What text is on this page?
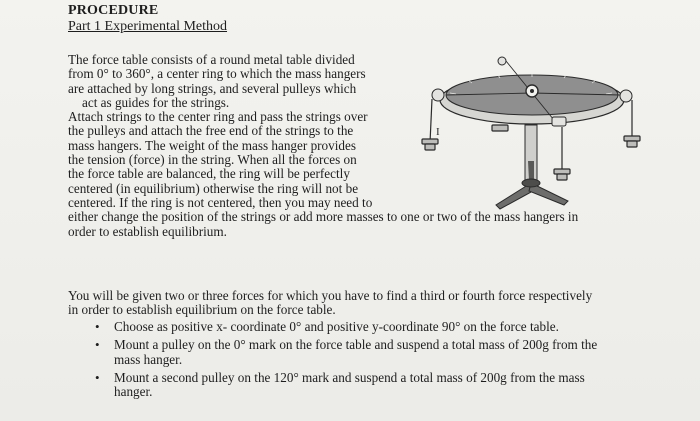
PROCEDURE
Part 1 Experimental Method

The force table consists of a round metal table divided
from 0° to 360°, a center ring to which the mass hangers
are attached by long strings, and several pulleys which
act as guides for the strings.
Attach strings to the center ring and pass the strings over
the pulleys and attach the free end of the strings to the
mass hangers. The weight of the mass hanger provides
the tension (force) in the string. When all the forces on
the force table are balanced, the ring will be perfectly
centered (in equilibrium) otherwise the ring will not be
centered. If the ring is not centered, then you may need to
either change the position of the strings or add more masses to one or two of the mass hangers in
order to establish equilibrium.

You will be given two or three forces for which you have to find a third or fourth force respectively
in order to establish equilibrium on the force table.

• Choose as positive x- coordinate 0° and positive y-coordinate 90° on the force table.
• Mount a pulley on the 0° mark on the force table and suspend a total mass of 200g from the
mass hanger.
• Mount a second pulley on the 120° mark and suspend a total mass of 200g from the mass
hanger.
I
